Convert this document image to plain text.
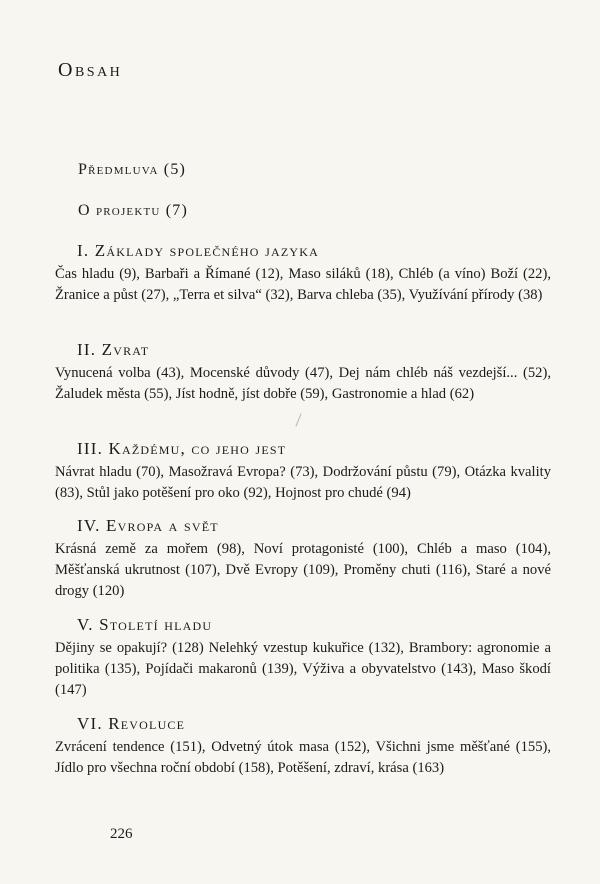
Obsah
Předmluva (5)
O projektu (7)
I. Základy společného jazyka
Čas hladu (9), Barbaři a Římané (12), Maso siláků (18), Chléb (a víno) Boží (22), Žranice a půst (27), „Terra et silva“ (32), Barva chleba (35), Využívání přírody (38)
II. Zvrat
Vynucená volba (43), Mocenské důvody (47), Dej nám chléb náš vezdejší... (52), Žaludek města (55), Jíst hodně, jíst dobře (59), Gastronomie a hlad (62)
III. Každému, co jeho jest
Návrat hladu (70), Masožravá Evropa? (73), Dodržování půstu (79), Otázka kvality (83), Stůl jako potěšení pro oko (92), Hojnost pro chudé (94)
IV. Evropa a svět
Krásná země za mořem (98), Noví protagonisté (100), Chléb a maso (104), Měšťanská ukrutnost (107), Dvě Evropy (109), Proměny chuti (116), Staré a nové drogy (120)
V. Století hladu
Dějiny se opakují? (128) Nelehký vzestup kukuřice (132), Brambory: agronomie a politika (135), Pojídači makaronů (139), Výživa a obyvatelstvo (143), Maso škodí (147)
VI. Revoluce
Zvrácení tendence (151), Odvetný útok masa (152), Všichni jsme měšťané (155), Jídlo pro všechna roční období (158), Potěšení, zdraví, krása (163)
226
